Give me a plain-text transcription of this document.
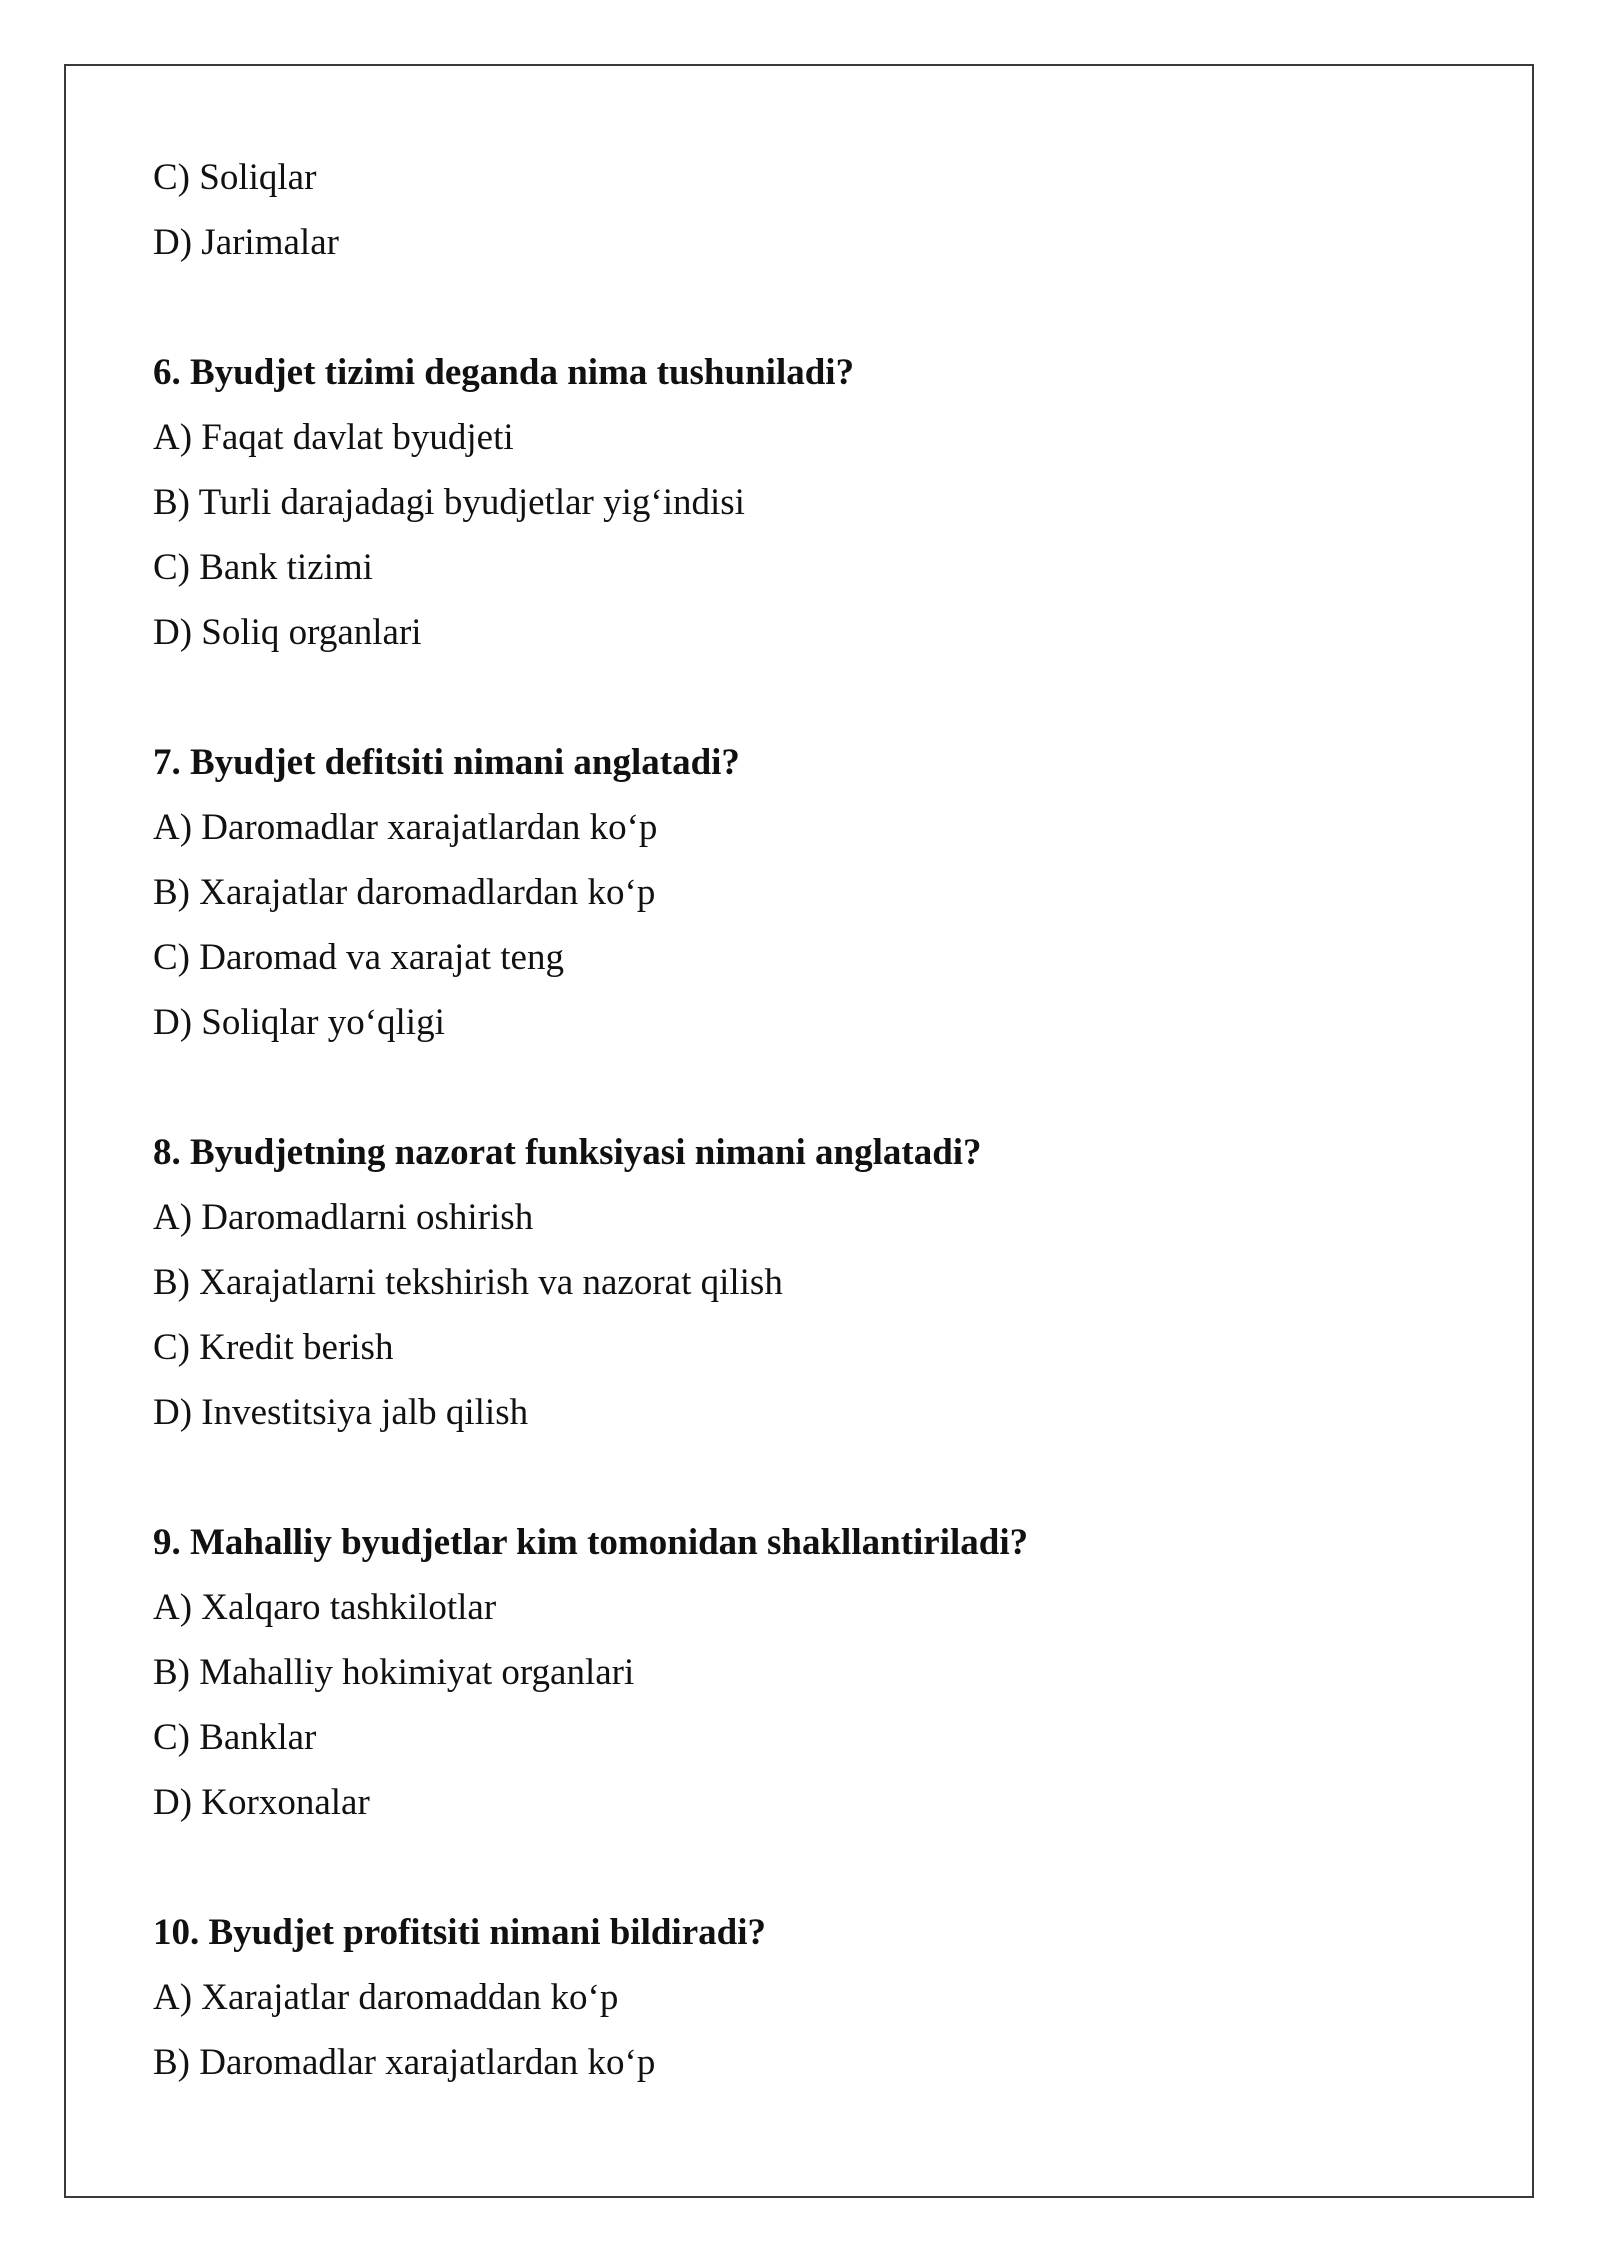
C) Soliqlar
D) Jarimalar
6. Byudjet tizimi deganda nima tushuniladi?
A) Faqat davlat byudjeti
B) Turli darajadagi byudjetlar yig‘indisi
C) Bank tizimi
D) Soliq organlari
7. Byudjet defitsiti nimani anglatadi?
A) Daromadlar xarajatlardan ko‘p
B) Xarajatlar daromadlardan ko‘p
C) Daromad va xarajat teng
D) Soliqlar yo‘qligi
8. Byudjetning nazorat funksiyasi nimani anglatadi?
A) Daromadlarni oshirish
B) Xarajatlarni tekshirish va nazorat qilish
C) Kredit berish
D) Investitsiya jalb qilish
9. Mahalliy byudjetlar kim tomonidan shakllantiriladi?
A) Xalqaro tashkilotlar
B) Mahalliy hokimiyat organlari
C) Banklar
D) Korxonalar
10. Byudjet profitsiti nimani bildiradi?
A) Xarajatlar daromaddan ko‘p
B) Daromadlar xarajatlardan ko‘p
